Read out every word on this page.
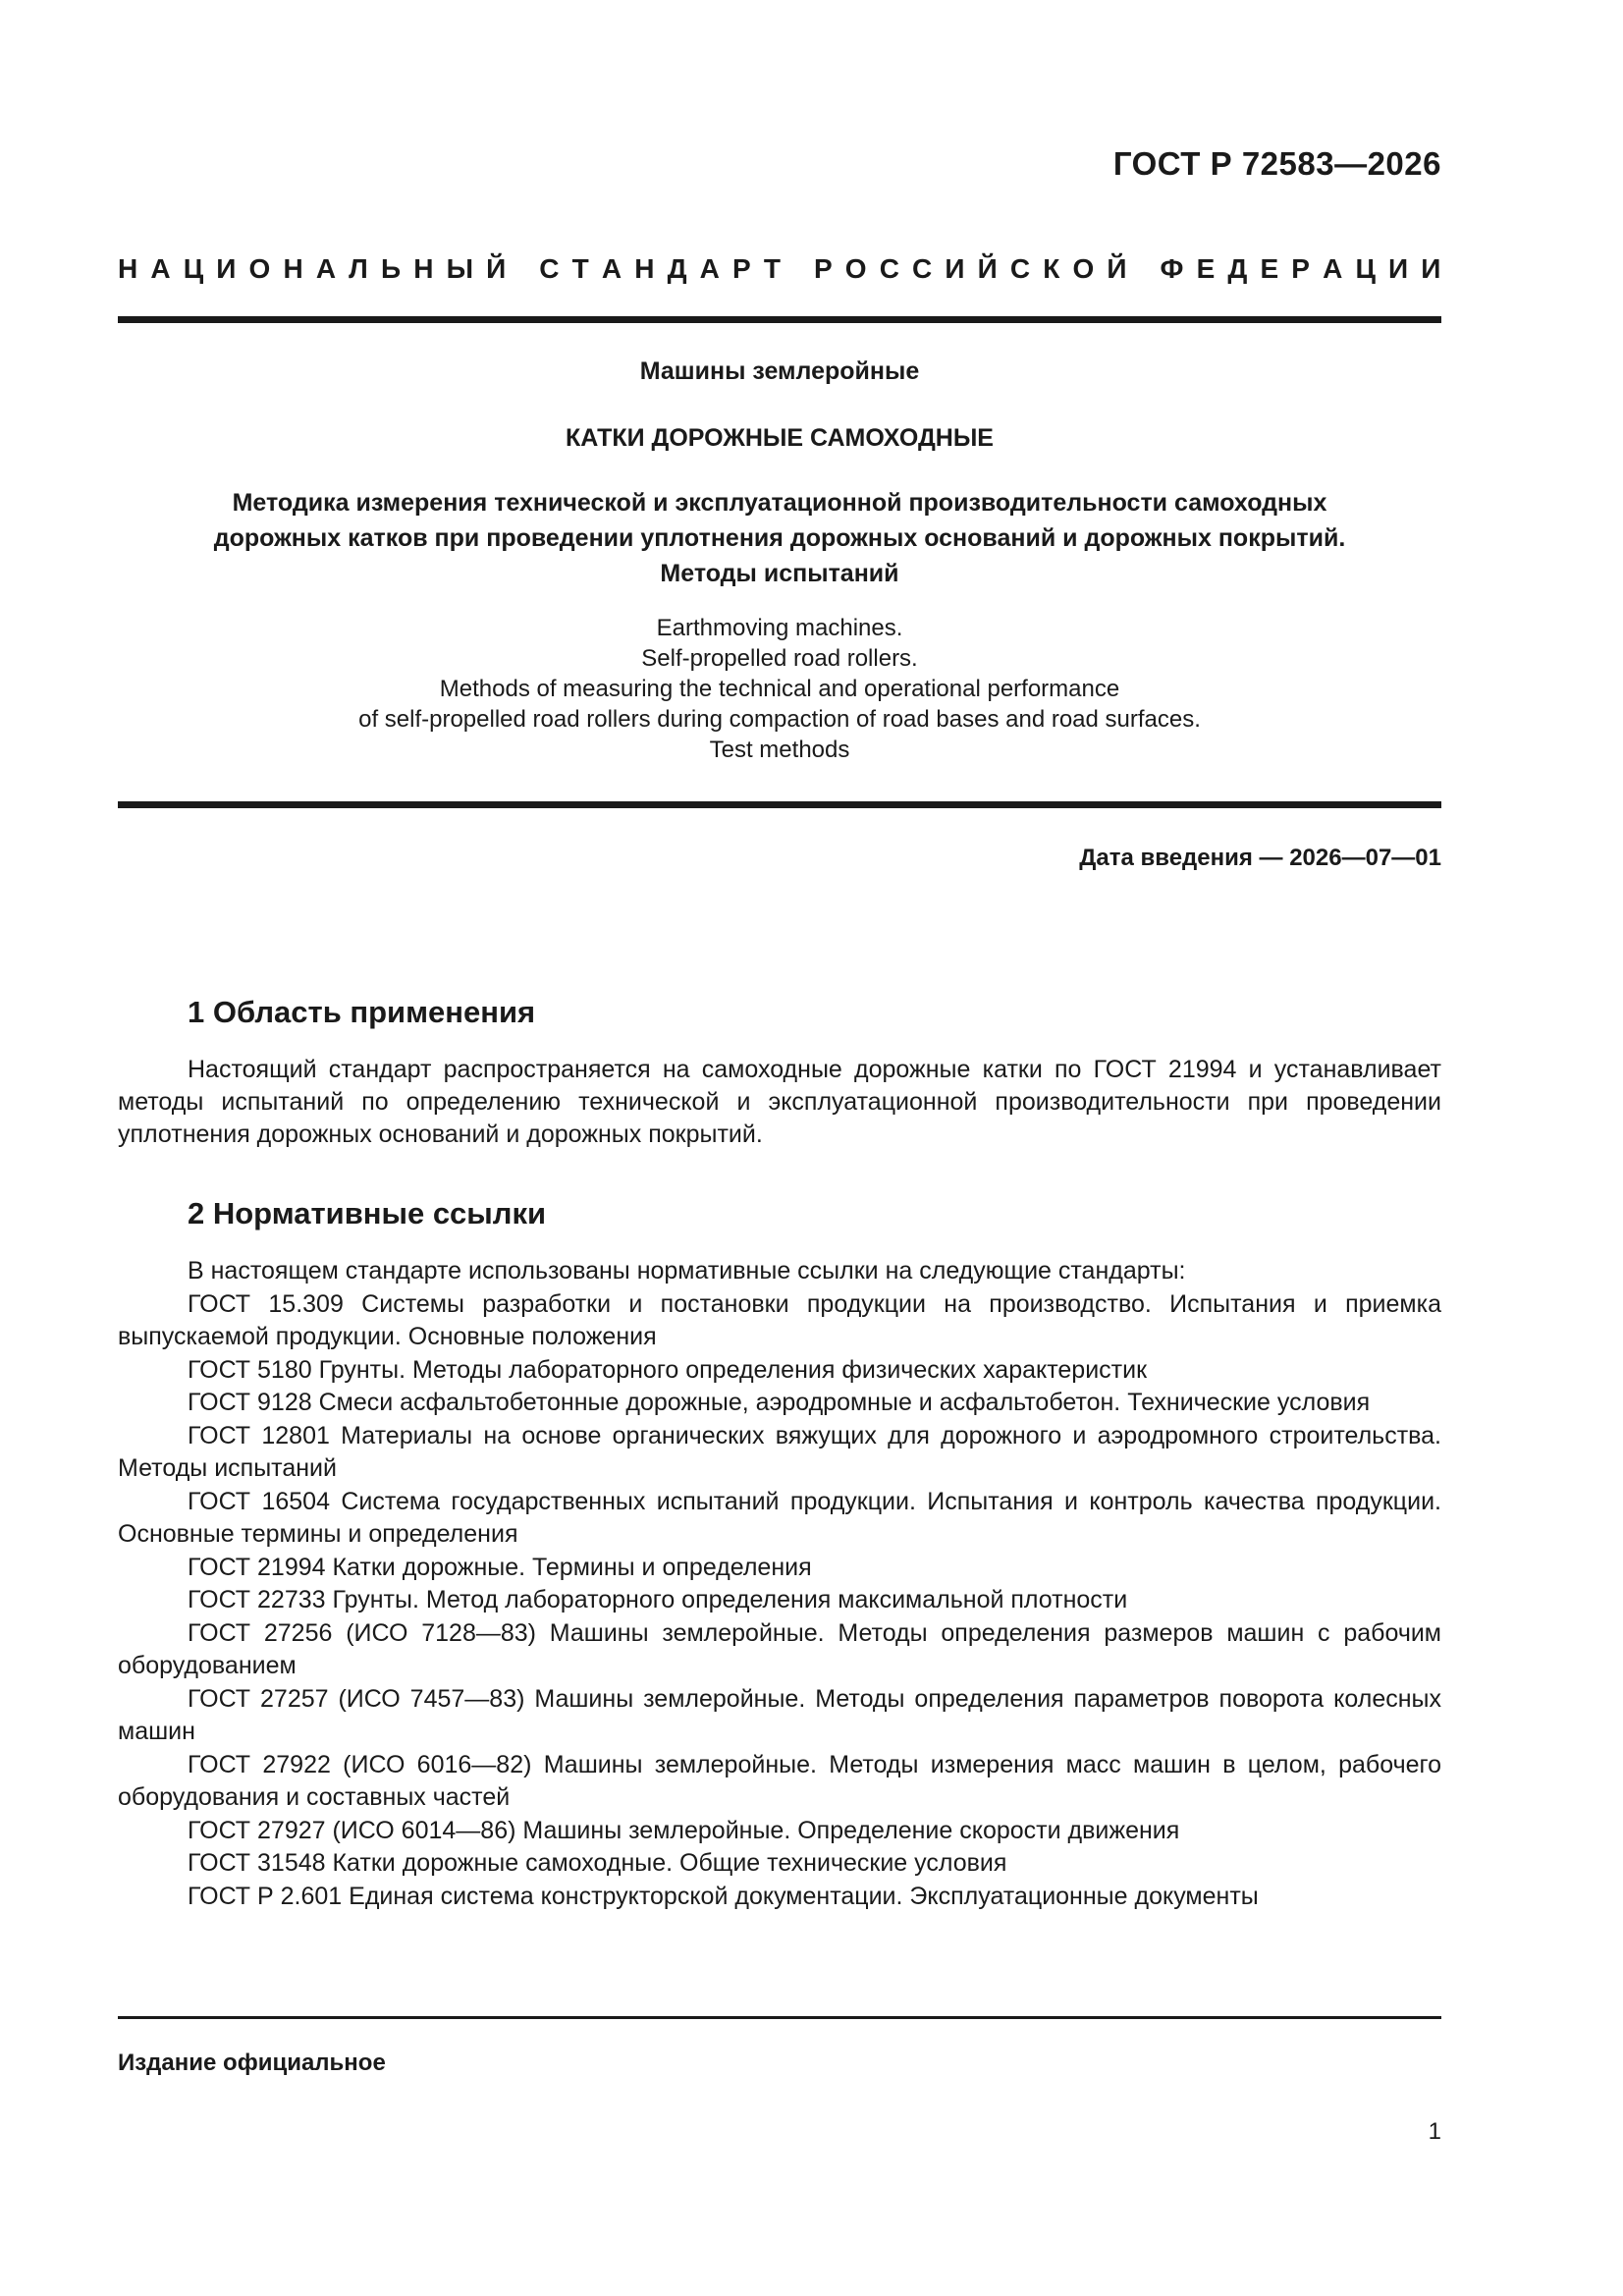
ГОСТ Р 72583—2026
Н А Ц И О Н А Л Ь Н Ы Й
С Т А Н Д А Р Т
Р О С С И Й С К О Й
Ф Е Д Е Р А Ц И И
Машины землеройные
КАТКИ ДОРОЖНЫЕ САМОХОДНЫЕ
Методика измерения технической и эксплуатационной производительности самоходных
дорожных катков при проведении уплотнения дорожных оснований и дорожных покрытий.
Методы испытаний
Earthmoving machines.
Self-propelled road rollers.
Methods of measuring the technical and operational performance
of self-propelled road rollers during compaction of road bases and road surfaces.
Test methods
Дата введения — 2026—07—01
1 Область применения

Настоящий стандарт распространяется на самоходные дорожные катки по ГОСТ 21994 и устанавливает методы испытаний по определению технической и эксплуатационной производительности при проведении уплотнения дорожных оснований и дорожных покрытий.

2 Нормативные ссылки

В настоящем стандарте использованы нормативные ссылки на следующие стандарты:

ГОСТ 15.309 Системы разработки и постановки продукции на производство. Испытания и приемка выпускаемой продукции. Основные положения

ГОСТ 5180 Грунты. Методы лабораторного определения физических характеристик

ГОСТ 9128 Смеси асфальтобетонные дорожные, аэродромные и асфальтобетон. Технические условия

ГОСТ 12801 Материалы на основе органических вяжущих для дорожного и аэродромного строительства. Методы испытаний

ГОСТ 16504 Система государственных испытаний продукции. Испытания и контроль качества продукции. Основные термины и определения

ГОСТ 21994 Катки дорожные. Термины и определения

ГОСТ 22733 Грунты. Метод лабораторного определения максимальной плотности

ГОСТ 27256 (ИСО 7128—83) Машины землеройные. Методы определения размеров машин с рабочим оборудованием

ГОСТ 27257 (ИСО 7457—83) Машины землеройные. Методы определения параметров поворота колесных машин

ГОСТ 27922 (ИСО 6016—82) Машины землеройные. Методы измерения масс машин в целом, рабочего оборудования и составных частей

ГОСТ 27927 (ИСО 6014—86) Машины землеройные. Определение скорости движения

ГОСТ 31548 Катки дорожные самоходные. Общие технические условия

ГОСТ Р 2.601 Единая система конструкторской документации. Эксплуатационные документы

Издание официальное
1
